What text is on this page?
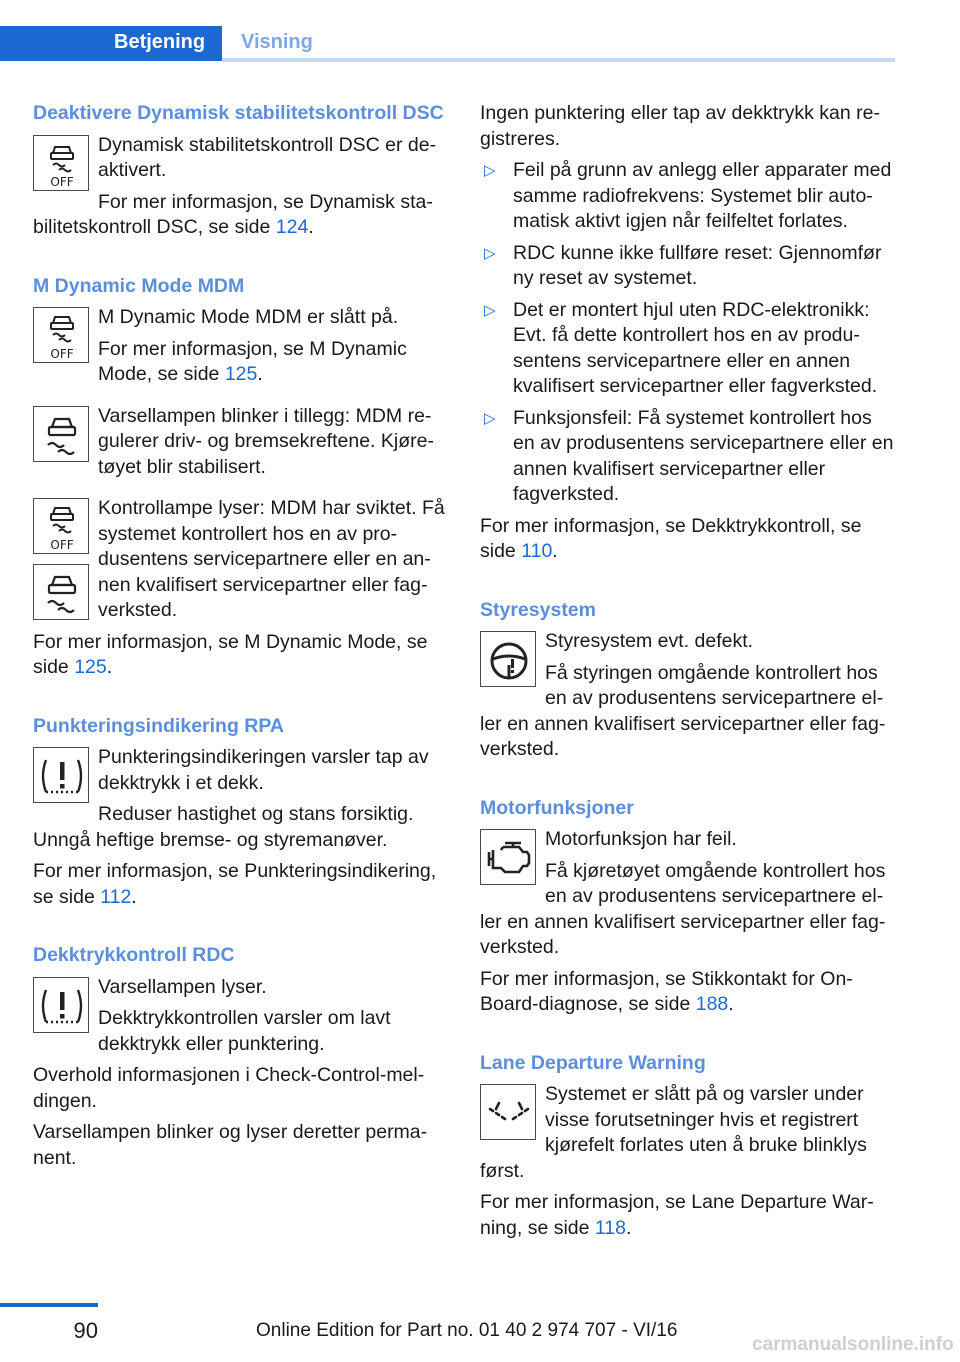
Betjening	Visning
Deaktivere Dynamisk stabilitetskontroll DSC
OFF

Dynamisk stabilitetskontroll DSC er de-aktivert.

For mer informasjon, se Dynamisk sta-bilitetskontroll DSC, se side 124.

M Dynamic Mode MDM
OFF

M Dynamic Mode MDM er slått på.

For mer informasjon, se M Dynamic Mode, se side 125.

Varsellampen blinker i tillegg: MDM re-gulerer driv- og bremsekreftene. Kjøre-tøyet blir stabilisert.

OFF

Kontrollampe lyser: MDM har sviktet. Få systemet kontrollert hos en av pro-dusentens servicepartnere eller en an-nen kvalifisert servicepartner eller fag-verksted.

For mer informasjon, se M Dynamic Mode, se side 125.

Punkteringsindikering RPA

Punkteringsindikeringen varsler tap av dekktrykk i et dekk.

Reduser hastighet og stans forsiktig. Unngå heftige bremse- og styremanøver.

For mer informasjon, se Punkteringsindikering, se side 112.

Dekktrykkontroll RDC

Varsellampen lyser.

Dekktrykkontrollen varsler om lavt dekktrykk eller punktering.

Overhold informasjonen i Check-Control-mel-dingen.

Varsellampen blinker og lyser deretter perma-nent.

Ingen punktering eller tap av dekktrykk kan re-gistreres.

▷ Feil på grunn av anlegg eller apparater med samme radiofrekvens: Systemet blir auto-matisk aktivt igjen når feilfeltet forlates.
▷ RDC kunne ikke fullføre reset: Gjennomfør ny reset av systemet.
▷ Det er montert hjul uten RDC-elektronikk: Evt. få dette kontrollert hos en av produ-sentens servicepartnere eller en annen kvalifisert servicepartner eller fagverksted.
▷ Funksjonsfeil: Få systemet kontrollert hos en av produsentens servicepartnere eller en annen kvalifisert servicepartner eller fagverksted.

For mer informasjon, se Dekktrykkontroll, se side 110.

Styresystem

Styresystem evt. defekt.

Få styringen omgående kontrollert hos en av produsentens servicepartnere el-ler en annen kvalifisert servicepartner eller fag-verksted.

Motorfunksjoner

Motorfunksjon har feil.

Få kjøretøyet omgående kontrollert hos en av produsentens servicepartnere el-ler en annen kvalifisert servicepartner eller fag-verksted.

For mer informasjon, se Stikkontakt for On-Board-diagnose, se side 188.

Lane Departure Warning

Systemet er slått på og varsler under visse forutsetninger hvis et registrert kjørefelt forlates uten å bruke blinklys først.

For mer informasjon, se Lane Departure War-ning, se side 118.

90	Online Edition for Part no. 01 40 2 974 707 - VI/16
carmanualsonline.info
